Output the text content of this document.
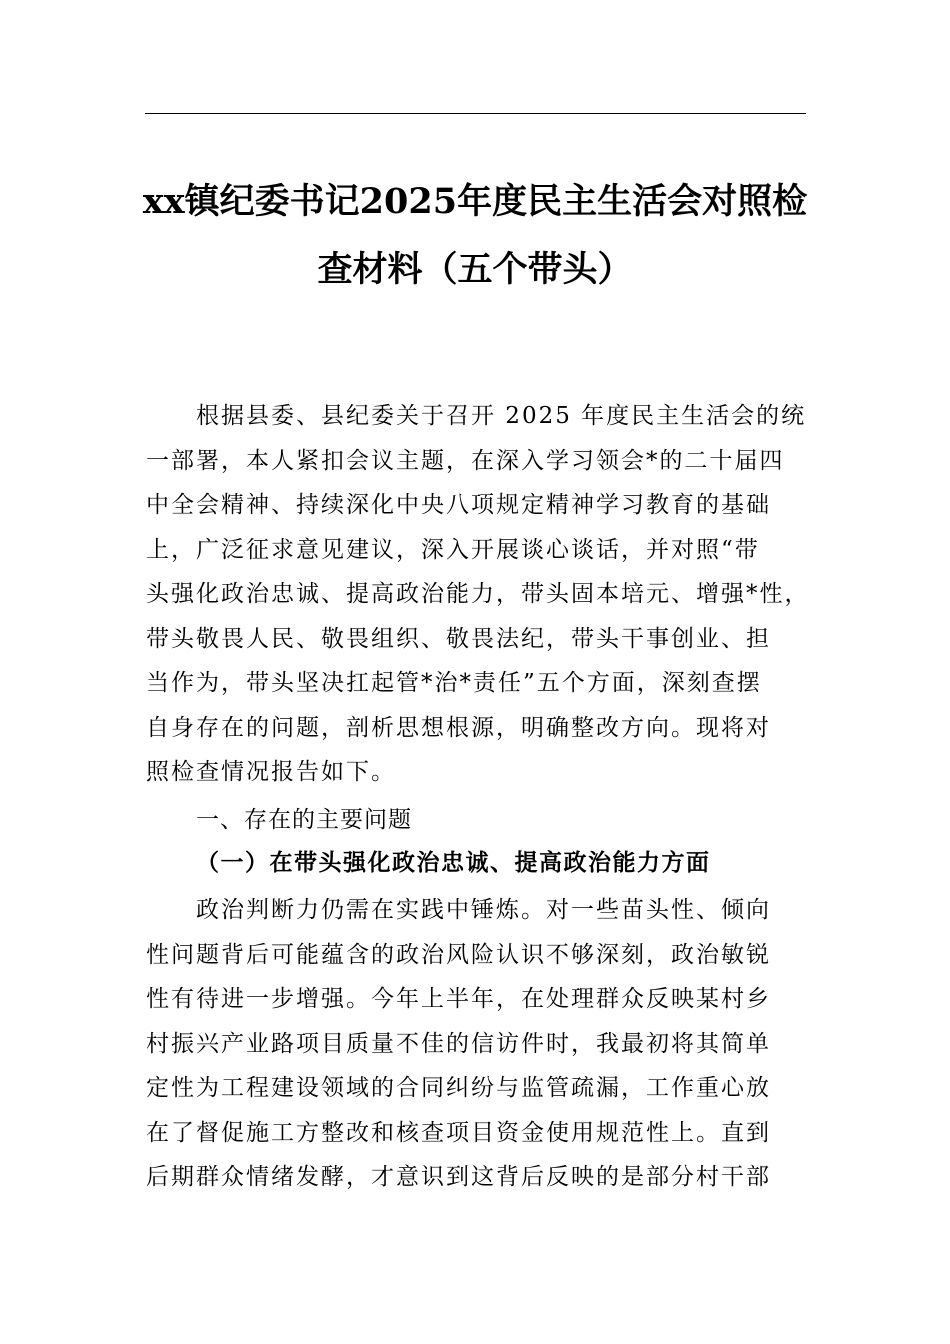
xx镇纪委书记2025年度民主生活会对照检
查材料（五个带头）
根据县委、县纪委关于召开 2025 年度民主生活会的统
一部署，本人紧扣会议主题，在深入学习领会*的二十届四
中全会精神、持续深化中央八项规定精神学习教育的基础
上，广泛征求意见建议，深入开展谈心谈话，并对照“带
头强化政治忠诚、提高政治能力，带头固本培元、增强*性，
带头敬畏人民、敬畏组织、敬畏法纪，带头干事创业、担
当作为，带头坚决扛起管*治*责任”五个方面，深刻查摆
自身存在的问题，剖析思想根源，明确整改方向。现将对
照检查情况报告如下。
一、存在的主要问题
（一）在带头强化政治忠诚、提高政治能力方面
政治判断力仍需在实践中锤炼。对一些苗头性、倾向
性问题背后可能蕴含的政治风险认识不够深刻，政治敏锐
性有待进一步增强。今年上半年，在处理群众反映某村乡
村振兴产业路项目质量不佳的信访件时，我最初将其简单
定性为工程建设领域的合同纠纷与监管疏漏，工作重心放
在了督促施工方整改和核查项目资金使用规范性上。直到
后期群众情绪发酵，才意识到这背后反映的是部分村干部
